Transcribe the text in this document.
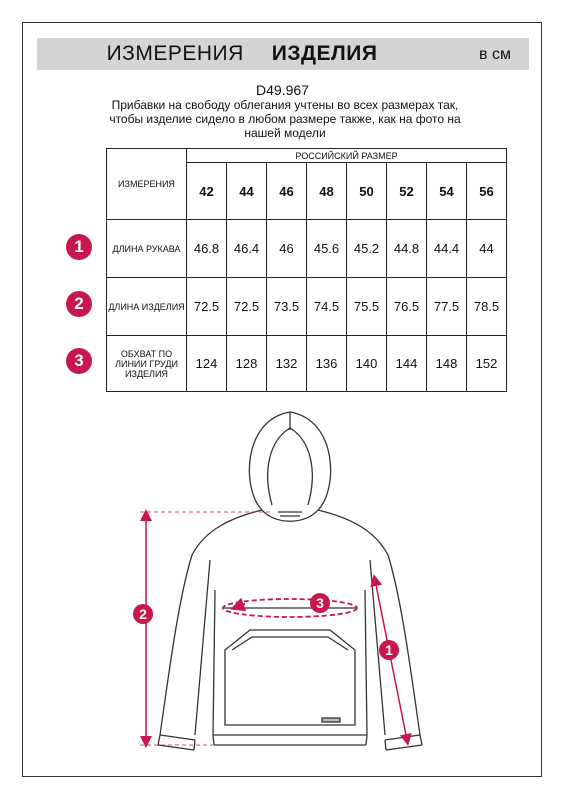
ИЗМЕРЕНИЯ ИЗДЕЛИЯ	в см
D49.967
Прибавки на свободу облегания учтены во всех размерах так, чтобы изделие сидело в любом размере также, как на фото на нашей модели
ИЗМЕРЕНИЯ	РОССИЙСКИЙ РАЗМЕР							
	42	44	46	48	50	52	54	56
ДЛИНА РУКАВА	46.8	46.4	46	45.6	45.2	44.8	44.4	44
ДЛИНА ИЗДЕЛИЯ	72.5	72.5	73.5	74.5	75.5	76.5	77.5	78.5
ОБХВАТ ПО ЛИНИИ ГРУДИ ИЗДЕЛИЯ	124	128	132	136	140	144	148	152
1
2
3
2
3
1
